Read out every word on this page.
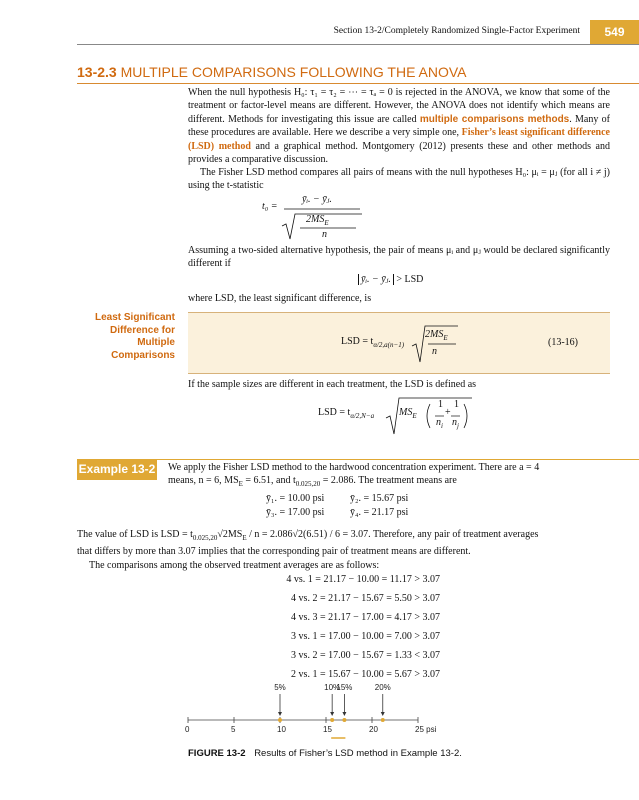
Section 13-2/Completely Randomized Single-Factor Experiment	549
13-2.3 MULTIPLE COMPARISONS FOLLOWING THE ANOVA
When the null hypothesis H₀: τ₁ = τ₂ = ⋯ = τₐ = 0 is rejected in the ANOVA, we know that some of the treatment or factor-level means are different. However, the ANOVA does not identify which means are different. Methods for investigating this issue are called multiple comparisons methods. Many of these procedures are available. Here we describe a very simple one, Fisher’s least significant difference (LSD) method and a graphical method. Montgomery (2012) presents these and other methods and provides a comparative discussion.
The Fisher LSD method compares all pairs of means with the null hypotheses H₀: μᵢ = μⱼ (for all i ≠ j) using the t-statistic
t₀ =
ȳᵢ. − ȳⱼ.
$2MS_E$
n
Assuming a two-sided alternative hypothesis, the pair of means μᵢ and μⱼ would be declared significantly different if
ȳᵢ. − ȳⱼ. > LSD
where LSD, the least significant difference, is
Least Significant
Difference for
Multiple
Comparisons
LSD = $t_{\alpha/2,a(n-1)}$
$2MS_E$
n
(13-16)
If the sample sizes are different in each treatment, the LSD is defined as
LSD = $t_{\alpha/2,N-a}$ $MS_E$
1 1
+
$n_i$ $n_j$
Example 13-2 We apply the Fisher LSD method to the hardwood concentration experiment. There are a = 4
means, n = 6, $MS_E = 6.51$, and $t_{0.025,20} = 2.086$. The treatment means are
ȳ₁. = 10.00 psi	ȳ₂. = 15.67 psi
ȳ₃. = 17.00 psi	ȳ₄. = 21.17 psi
The value of LSD is LSD = $t_{0.025,20}√2MS_E / n = 2.086√2(6.51) / 6 = 3.07$. Therefore, any pair of treatment averages
that differs by more than 3.07 implies that the corresponding pair of treatment means are different.
The comparisons among the observed treatment averages are as follows:
4 vs. 1 = 21.17 − 10.00 = 11.17 > 3.07
4 vs. 2 = 21.17 − 15.67 = 5.50 > 3.07
4 vs. 3 = 21.17 − 17.00 = 4.17 > 3.07
3 vs. 1 = 17.00 − 10.00 = 7.00 > 3.07
3 vs. 2 = 17.00 − 15.67 = 1.33 < 3.07
2 vs. 1 = 15.67 − 10.00 = 5.67 > 3.07
0	5	10	15	20	25 psi
5%	10%
15%	20%
FIGURE 13-2 Results of Fisher’s LSD method in Example 13-2.
